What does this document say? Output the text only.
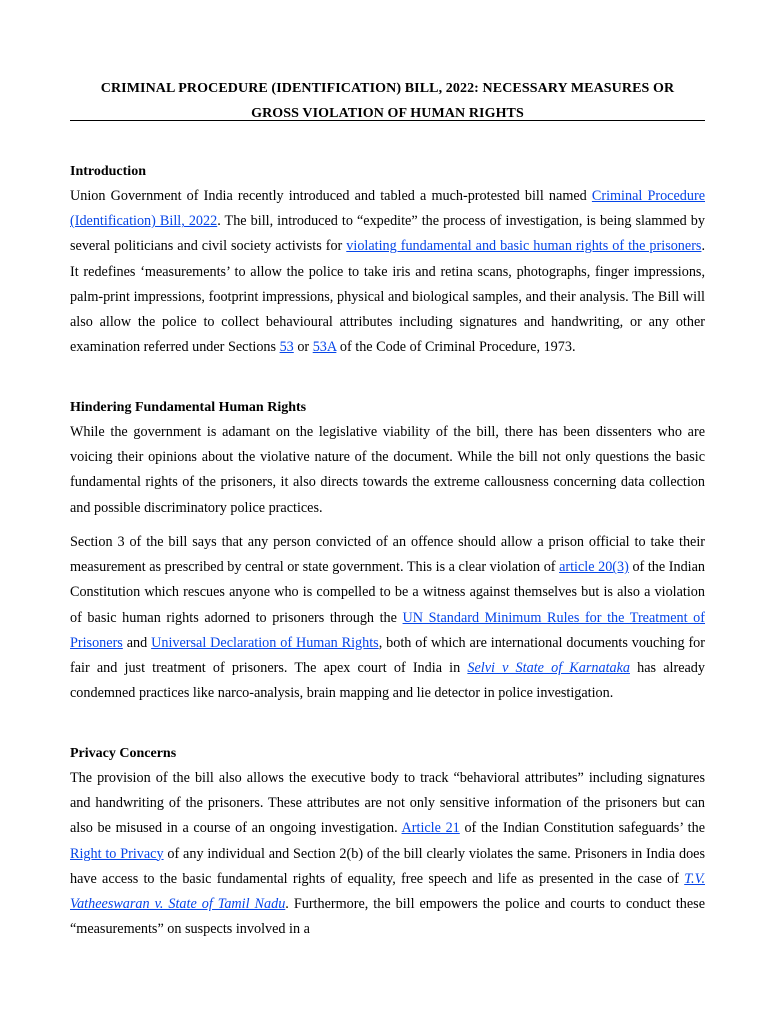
CRIMINAL PROCEDURE (IDENTIFICATION) BILL, 2022: NECESSARY MEASURES OR
GROSS VIOLATION OF HUMAN RIGHTS
Introduction
Union Government of India recently introduced and tabled a much-protested bill named Criminal Procedure (Identification) Bill, 2022. The bill, introduced to “expedite” the process of investigation, is being slammed by several politicians and civil society activists for violating fundamental and basic human rights of the prisoners. It redefines ‘measurements’ to allow the police to take iris and retina scans, photographs, finger impressions, palm-print impressions, footprint impressions, physical and biological samples, and their analysis. The Bill will also allow the police to collect behavioural attributes including signatures and handwriting, or any other examination referred under Sections 53 or 53A of the Code of Criminal Procedure, 1973.
Hindering Fundamental Human Rights
While the government is adamant on the legislative viability of the bill, there has been dissenters who are voicing their opinions about the violative nature of the document. While the bill not only questions the basic fundamental rights of the prisoners, it also directs towards the extreme callousness concerning data collection and possible discriminatory police practices.
Section 3 of the bill says that any person convicted of an offence should allow a prison official to take their measurement as prescribed by central or state government. This is a clear violation of article 20(3) of the Indian Constitution which rescues anyone who is compelled to be a witness against themselves but is also a violation of basic human rights adorned to prisoners through the UN Standard Minimum Rules for the Treatment of Prisoners and Universal Declaration of Human Rights, both of which are international documents vouching for fair and just treatment of prisoners. The apex court of India in Selvi v State of Karnataka has already condemned practices like narco-analysis, brain mapping and lie detector in police investigation.
Privacy Concerns
The provision of the bill also allows the executive body to track “behavioral attributes” including signatures and handwriting of the prisoners. These attributes are not only sensitive information of the prisoners but can also be misused in a course of an ongoing investigation. Article 21 of the Indian Constitution safeguards’ the Right to Privacy of any individual and Section 2(b) of the bill clearly violates the same. Prisoners in India does have access to the basic fundamental rights of equality, free speech and life as presented in the case of T.V. Vatheeswaran v. State of Tamil Nadu. Furthermore, the bill empowers the police and courts to conduct these “measurements” on suspects involved in a
